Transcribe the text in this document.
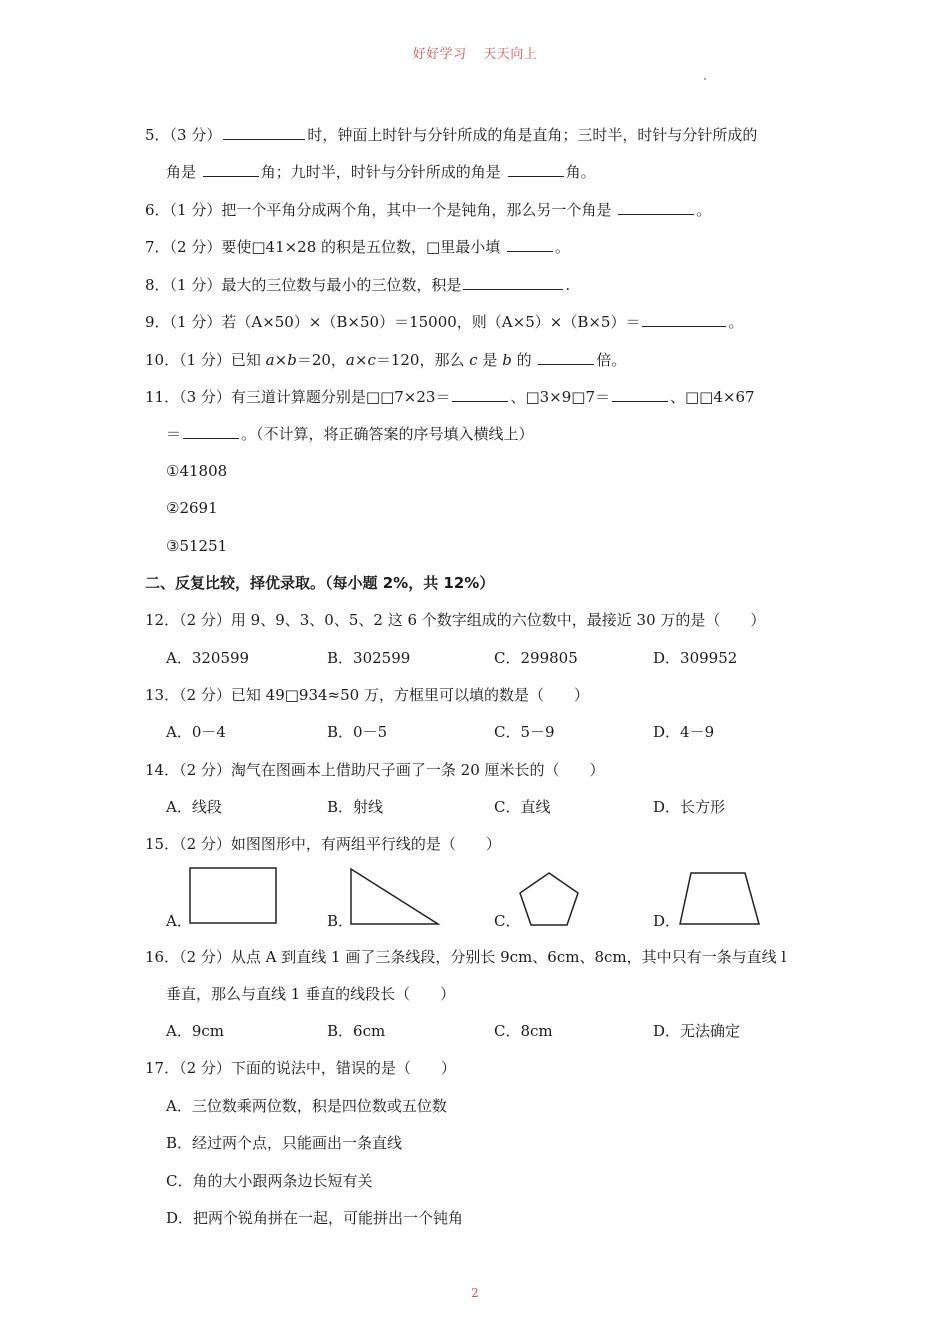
好好学习 天天向上
5．（3 分）	时，钟面上时针与分针所成的角是直角；三时半，时针与分针所成的
角是	角；九时半，时针与分针所成的角是	角。
6．（1 分）把一个平角分成两个角，其中一个是钝角，那么另一个角是	。
7．（2 分）要使□41×28 的积是五位数，□里最小填	。
8．（1 分）最大的三位数与最小的三位数，积是	.
9．（1 分）若（A×50）×（B×50）＝15000，则（A×5）×（B×5）＝	。
10．（1 分）已知 a×b＝20，a×c＝120，那么 c 是 b 的	倍。
11．（3 分）有三道计算题分别是□□7×23＝	、□3×9□7＝	、□□4×67
＝	。（不计算，将正确答案的序号填入横线上）
①41808
②2691
③51251
二、反复比较，择优录取。（每小题 2%，共 12%）
12．（2 分）用 9、9、3、0、5、2 这 6 个数字组成的六位数中，最接近 30 万的是（　　）
A．320599	B．302599	C．299805	D．309952
13．（2 分）已知 49□934≈50 万，方框里可以填的数是（　　）
A．0－4	B．0－5	C．5－9	D．4－9
14．（2 分）淘气在图画本上借助尺子画了一条 20 厘米长的（　　）
A．线段	B．射线	C．直线	D．长方形
15．（2 分）如图图形中，有两组平行线的是（　　）
A．	B．	C．	D．
16．（2 分）从点 A 到直线 1 画了三条线段，分别长 9cm、6cm、8cm，其中只有一条与直线 l
垂直，那么与直线 1 垂直的线段长（　　）
A．9cm	B．6cm	C．8cm	D．无法确定
17．（2 分）下面的说法中，错误的是（　　）
A．三位数乘两位数，积是四位数或五位数
B．经过两个点，只能画出一条直线
C．角的大小跟两条边长短有关
D．把两个锐角拼在一起，可能拼出一个钝角
2
